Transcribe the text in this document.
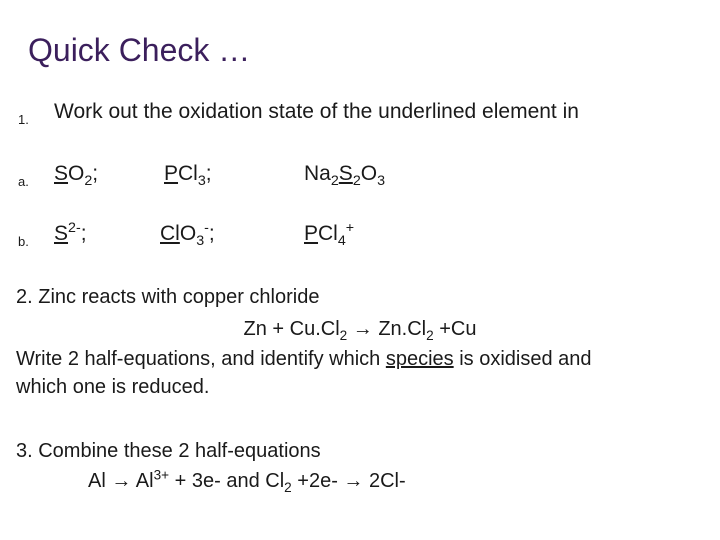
Quick Check …
1. Work out the oxidation state of the underlined element in
a. $SO_2$;	PCl$_3$;	$Na_2S_2O_3$
b. $S^{2-}$;	ClO$_3$-;	PCl$_4$+
2. Zinc reacts with copper chloride
$Zn + Cu.Cl_2 \to Zn.Cl_2 +Cu$
Write 2 half-equations, and identify which species is oxidised and
which one is reduced.
3. Combine these 2 half-equations
$Al \to Al^{3+} + 3e-$ and $Cl_2 +2e- \to 2Cl-$
